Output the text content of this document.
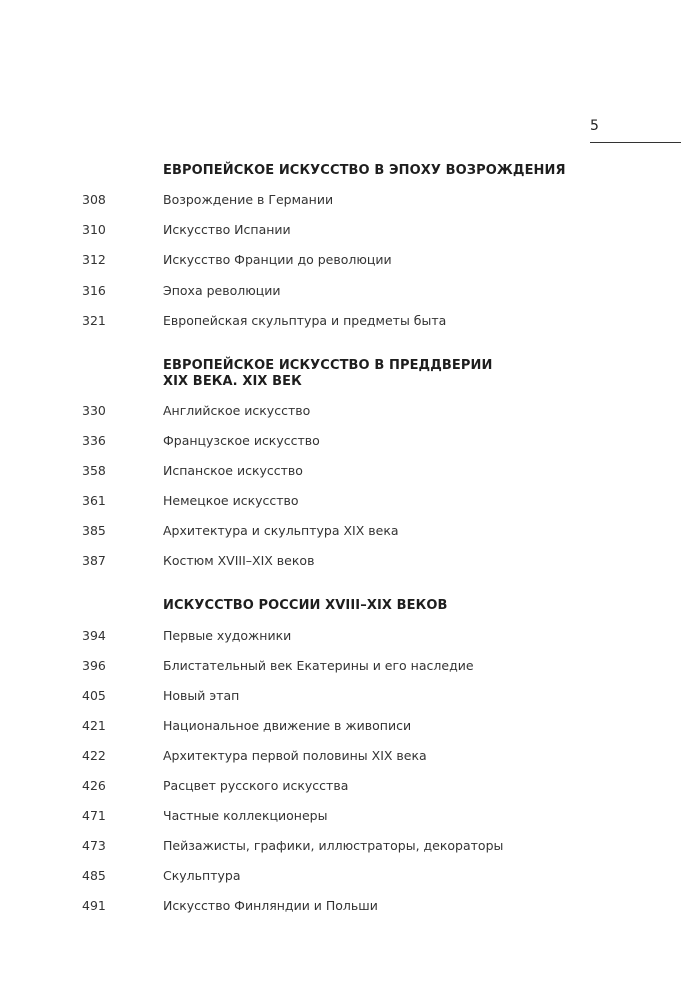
5
ЕВРОПЕЙСКОЕ ИСКУССТВО В ЭПОХУ ВОЗРОЖДЕНИЯ
308	Возрождение в Германии
310	Искусство Испании
312	Искусство Франции до революции
316	Эпоха революции
321	Европейская скульптура и предметы быта
ЕВРОПЕЙСКОЕ ИСКУССТВО В ПРЕДДВЕРИИ
XIX ВЕКА. XIX ВЕК
330	Английское искусство
336	Французское искусство
358	Испанское искусство
361	Немецкое искусство
385	Архитектура и скульптура XIX века
387	Костюм XVIII–XIX веков
ИСКУССТВО РОССИИ XVIII–XIX ВЕКОВ
394	Первые художники
396	Блистательный век Екатерины и его наследие
405	Новый этап
421	Национальное движение в живописи
422	Архитектура первой половины XIX века
426	Расцвет русского искусства
471	Частные коллекционеры
473	Пейзажисты, графики, иллюстраторы, декораторы
485	Скульптура
491	Искусство Финляндии и Польши
